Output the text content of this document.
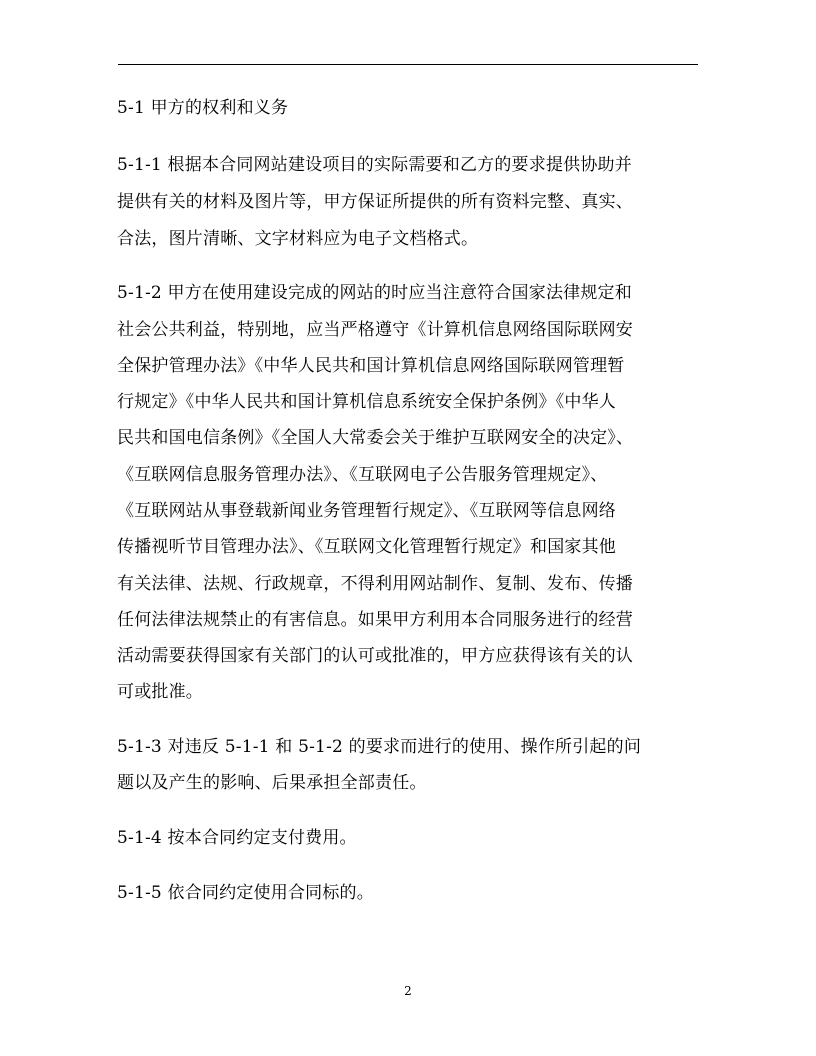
5-1 甲方的权利和义务
5-1-1 根据本合同网站建设项目的实际需要和乙方的要求提供协助并
提供有关的材料及图片等，甲方保证所提供的所有资料完整、真实、
合法，图片清晰、文字材料应为电子文档格式。
5-1-2 甲方在使用建设完成的网站的时应当注意符合国家法律规定和
社会公共利益，特别地，应当严格遵守《计算机信息网络国际联网安
全保护管理办法》《中华人民共和国计算机信息网络国际联网管理暂
行规定》《中华人民共和国计算机信息系统安全保护条例》《中华人
民共和国电信条例》《全国人大常委会关于维护互联网安全的决定》、
《互联网信息服务管理办法》、《互联网电子公告服务管理规定》、
《互联网站从事登载新闻业务管理暂行规定》、《互联网等信息网络
传播视听节目管理办法》、《互联网文化管理暂行规定》和国家其他
有关法律、法规、行政规章，不得利用网站制作、复制、发布、传播
任何法律法规禁止的有害信息。如果甲方利用本合同服务进行的经营
活动需要获得国家有关部门的认可或批准的，甲方应获得该有关的认
可或批准。
5-1-3 对违反 5-1-1 和 5-1-2 的要求而进行的使用、操作所引起的问
题以及产生的影响、后果承担全部责任。
5-1-4 按本合同约定支付费用。
5-1-5 依合同约定使用合同标的。
2
